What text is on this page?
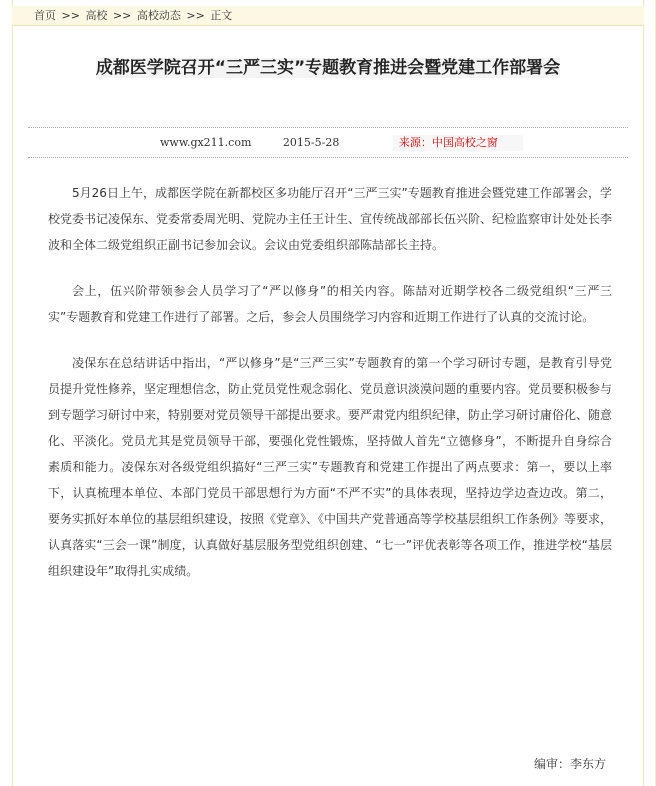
首页 >> 高校 >> 高校动态 >> 正文
成都医学院召开“三严三实”专题教育推进会暨党建工作部署会
www.gx211.com	2015-5-28	来源：中国高校之窗

5月26日上午，成都医学院在新都校区多功能厅召开“三严三实”专题教育推进会暨党建工作部署会，学校党委书记凌保东、党委常委周光明、党院办主任王计生、宣传统战部部长伍兴阶、纪检监察审计处处长李波和全体二级党组织正副书记参加会议。会议由党委组织部陈喆部长主持。

会上，伍兴阶带领参会人员学习了“严以修身”的相关内容。陈喆对近期学校各二级党组织“三严三实”专题教育和党建工作进行了部署。之后，参会人员围绕学习内容和近期工作进行了认真的交流讨论。

凌保东在总结讲话中指出，“严以修身”是“三严三实”专题教育的第一个学习研讨专题，是教育引导党员提升党性修养，坚定理想信念，防止党员党性观念弱化、党员意识淡漠问题的重要内容。党员要积极参与到专题学习研讨中来，特别要对党员领导干部提出要求。要严肃党内组织纪律，防止学习研讨庸俗化、随意化、平淡化。党员尤其是党员领导干部，要强化党性锻炼，坚持做人首先“立德修身”，不断提升自身综合素质和能力。凌保东对各级党组织搞好“三严三实”专题教育和党建工作提出了两点要求：第一，要以上率下，认真梳理本单位、本部门党员干部思想行为方面“不严不实”的具体表现，坚持边学边查边改。第二，要务实抓好本单位的基层组织建设，按照《党章》、《中国共产党普通高等学校基层组织工作条例》等要求，认真落实“三会一课”制度，认真做好基层服务型党组织创建、“七一”评优表彰等各项工作，推进学校“基层组织建设年”取得扎实成绩。

编审：李东方
